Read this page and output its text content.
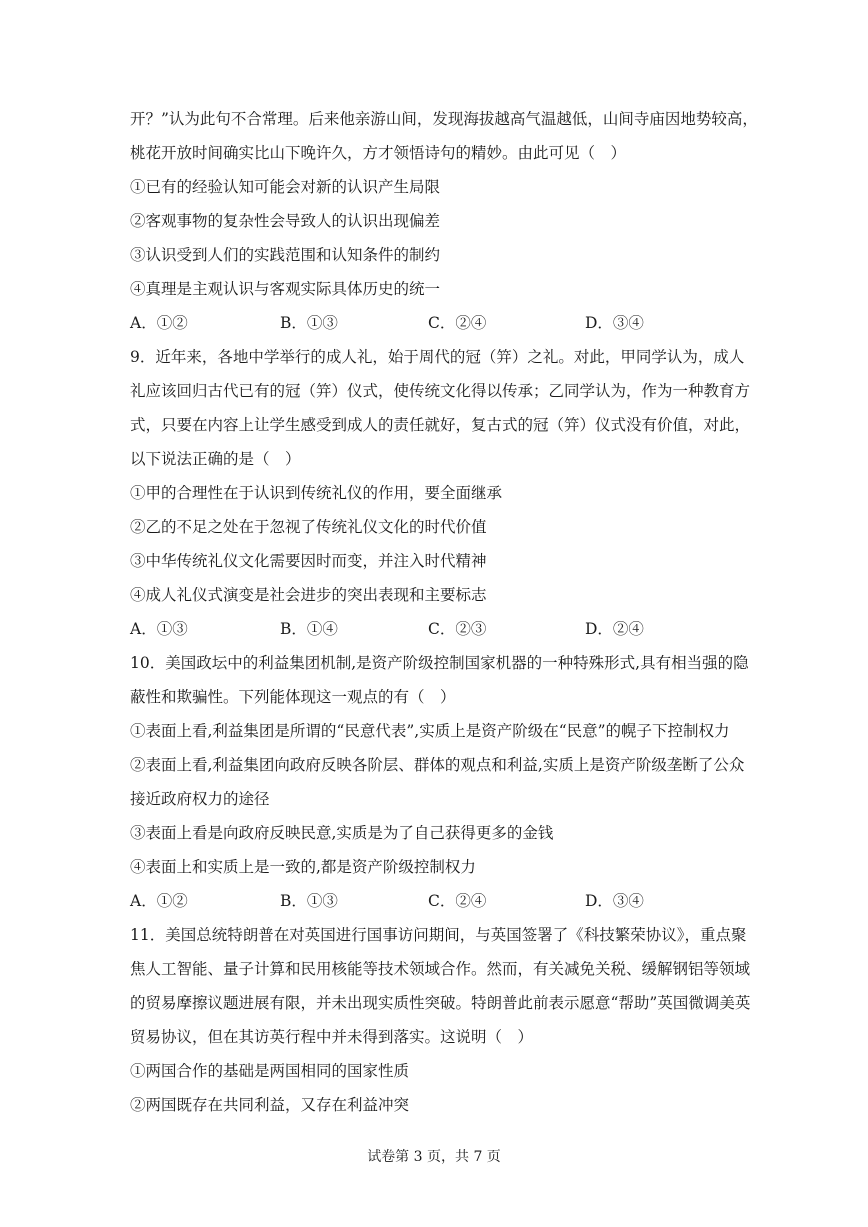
开？”认为此句不合常理。后来他亲游山间，发现海拔越高气温越低，山间寺庙因地势较高，
桃花开放时间确实比山下晚许久，方才领悟诗句的精妙。由此可见（　）
①已有的经验认知可能会对新的认识产生局限
②客观事物的复杂性会导致人的认识出现偏差
③认识受到人们的实践范围和认知条件的制约
④真理是主观认识与客观实际具体历史的统一
A．①②	B．①③	C．②④	D．③④
9．近年来，各地中学举行的成人礼，始于周代的冠（笄）之礼。对此，甲同学认为，成人
礼应该回归古代已有的冠（笄）仪式，使传统文化得以传承；乙同学认为，作为一种教育方
式，只要在内容上让学生感受到成人的责任就好，复古式的冠（笄）仪式没有价值，对此，
以下说法正确的是（　）
①甲的合理性在于认识到传统礼仪的作用，要全面继承
②乙的不足之处在于忽视了传统礼仪文化的时代价值
③中华传统礼仪文化需要因时而变，并注入时代精神
④成人礼仪式演变是社会进步的突出表现和主要标志
A．①③	B．①④	C．②③	D．②④
10．美国政坛中的利益集团机制,是资产阶级控制国家机器的一种特殊形式,具有相当强的隐
蔽性和欺骗性。下列能体现这一观点的有（　）
①表面上看,利益集团是所谓的“民意代表”,实质上是资产阶级在“民意”的幌子下控制权力
②表面上看,利益集团向政府反映各阶层、群体的观点和利益,实质上是资产阶级垄断了公众
接近政府权力的途径
③表面上看是向政府反映民意,实质是为了自己获得更多的金钱
④表面上和实质上是一致的,都是资产阶级控制权力
A．①②	B．①③	C．②④	D．③④
11．美国总统特朗普在对英国进行国事访问期间，与英国签署了《科技繁荣协议》，重点聚
焦人工智能、量子计算和民用核能等技术领域合作。然而，有关减免关税、缓解钢铝等领域
的贸易摩擦议题进展有限，并未出现实质性突破。特朗普此前表示愿意“帮助”英国微调美英
贸易协议，但在其访英行程中并未得到落实。这说明（　）
①两国合作的基础是两国相同的国家性质
②两国既存在共同利益，又存在利益冲突
试卷第 3 页，共 7 页
